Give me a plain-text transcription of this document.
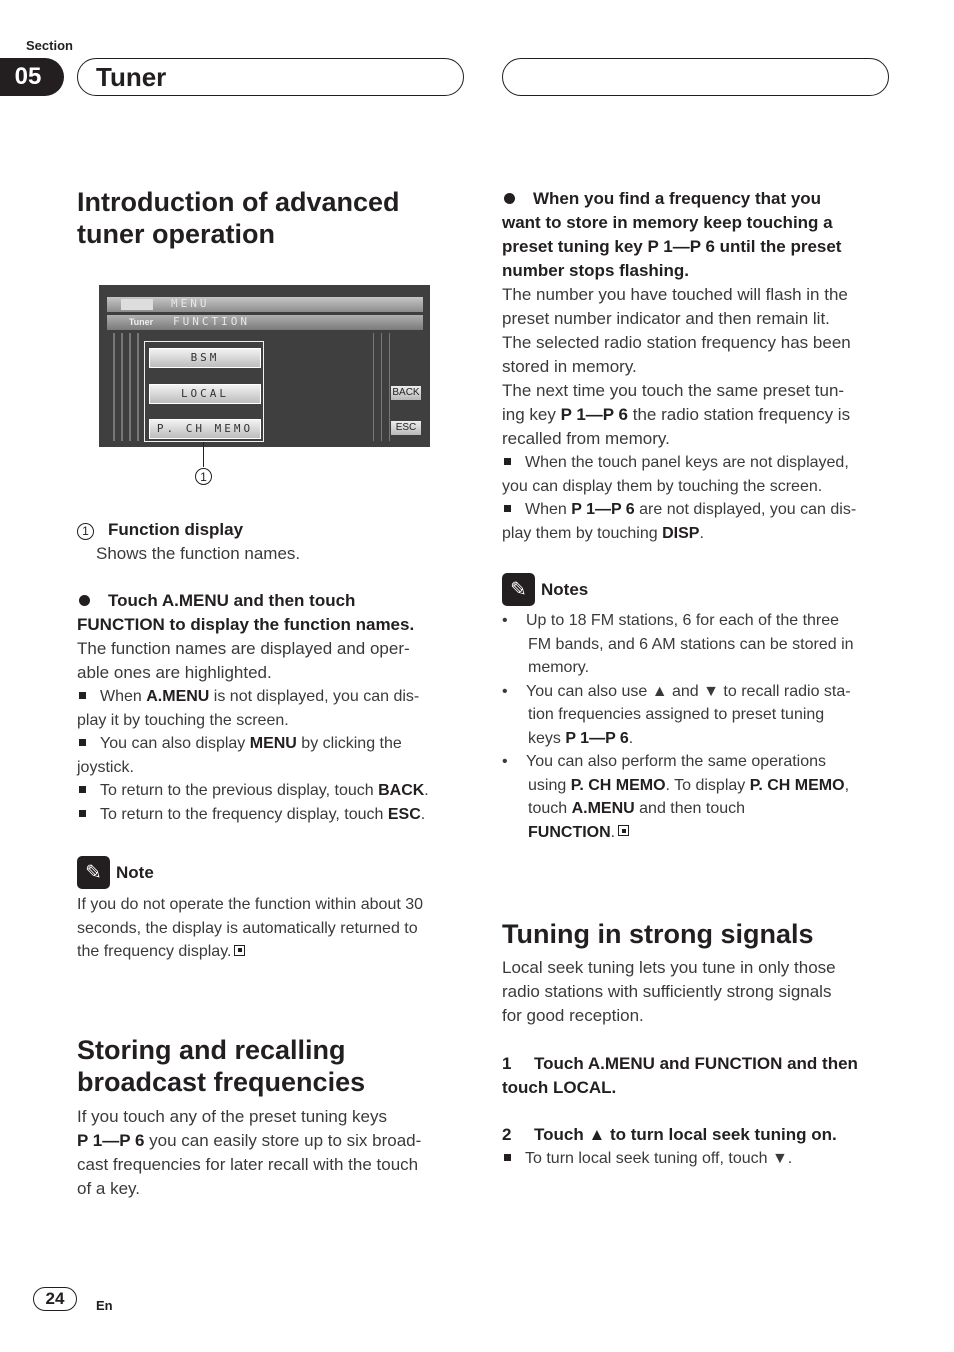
Section
05	Tuner

Introduction of advanced

tuner operation

MENU
Tuner	FUNCTION
BSM
LOCAL
P. CH MEMO
BACK
ESC
1

1 Function display

Shows the function names.

Touch A.MENU and then touch

FUNCTION to display the function names.

The function names are displayed and oper-

able ones are highlighted.

When A.MENU is not displayed, you can dis-

play it by touching the screen.

You can also display MENU by clicking the

joystick.

To return to the previous display, touch BACK.

To return to the frequency display, touch ESC.

✎ Note

If you do not operate the function within about 30

seconds, the display is automatically returned to

the frequency display.

Storing and recalling

broadcast frequencies

If you touch any of the preset tuning keys

P 1—P 6 you can easily store up to six broad-

cast frequencies for later recall with the touch

of a key.

When you find a frequency that you

want to store in memory keep touching a

preset tuning key P 1—P 6 until the preset

number stops flashing.

The number you have touched will flash in the

preset number indicator and then remain lit.

The selected radio station frequency has been

stored in memory.

The next time you touch the same preset tun-

ing key P 1—P 6 the radio station frequency is

recalled from memory.

When the touch panel keys are not displayed,

you can display them by touching the screen.

When P 1—P 6 are not displayed, you can dis-

play them by touching DISP.

✎ Notes

• Up to 18 FM stations, 6 for each of the three

FM bands, and 6 AM stations can be stored in

memory.

• You can also use ▲ and ▼ to recall radio sta-

tion frequencies assigned to preset tuning

keys P 1—P 6.

• You can also perform the same operations

using P. CH MEMO. To display P. CH MEMO,

touch A.MENU and then touch

FUNCTION.

Tuning in strong signals

Local seek tuning lets you tune in only those

radio stations with sufficiently strong signals

for good reception.

1 Touch A.MENU and FUNCTION and then

touch LOCAL.

2 Touch ▲ to turn local seek tuning on.

To turn local seek tuning off, touch ▼.

24	En
